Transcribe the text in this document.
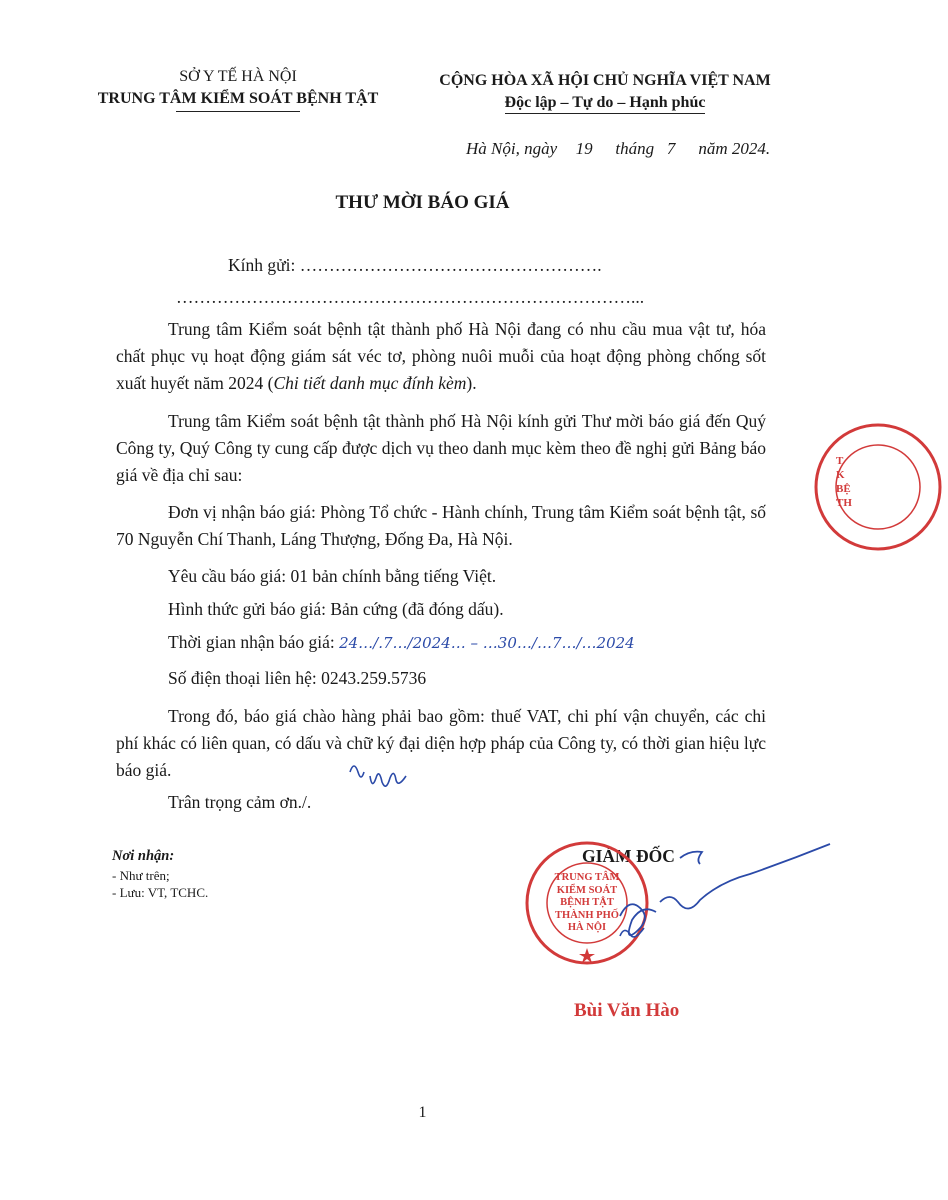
SỞ Y TẾ HÀ NỘI
TRUNG TÂM KIỂM SOÁT BỆNH TẬT
CỘNG HÒA XÃ HỘI CHỦ NGHĨA VIỆT NAM
Độc lập – Tự do – Hạnh phúc
Hà Nội, ngày 19 tháng 7 năm 2024.
THƯ MỜI BÁO GIÁ
Kính gửi: …………………………………………….
……………………………………………………………………...
Trung tâm Kiểm soát bệnh tật thành phố Hà Nội đang có nhu cầu mua vật tư, hóa chất phục vụ hoạt động giám sát véc tơ, phòng nuôi muỗi của hoạt động phòng chống sốt xuất huyết năm 2024 (Chi tiết danh mục đính kèm).
Trung tâm Kiểm soát bệnh tật thành phố Hà Nội kính gửi Thư mời báo giá đến Quý Công ty, Quý Công ty cung cấp được dịch vụ theo danh mục kèm theo đề nghị gửi Bảng báo giá về địa chỉ sau:
Đơn vị nhận báo giá: Phòng Tổ chức - Hành chính, Trung tâm Kiểm soát bệnh tật, số 70 Nguyễn Chí Thanh, Láng Thượng, Đống Đa, Hà Nội.
Yêu cầu báo giá: 01 bản chính bằng tiếng Việt.
Hình thức gửi báo giá: Bản cứng (đã đóng dấu).
Thời gian nhận báo giá: 24…/.7…/2024… – …30…/…7…/…2024
Số điện thoại liên hệ: 0243.259.5736
Trong đó, báo giá chào hàng phải bao gồm: thuế VAT, chi phí vận chuyển, các chi phí khác có liên quan, có dấu và chữ ký đại diện hợp pháp của Công ty, có thời gian hiệu lực báo giá.
Trân trọng cảm ơn./.
Nơi nhận:
- Như trên;
- Lưu: VT, TCHC.
GIÁM ĐỐC
TRUNG TÂM
KIỂM SOÁT
BỆNH TẬT
THÀNH PHỐ
HÀ NỘI
Bùi Văn Hào
T
K
BỆ
TH
1
